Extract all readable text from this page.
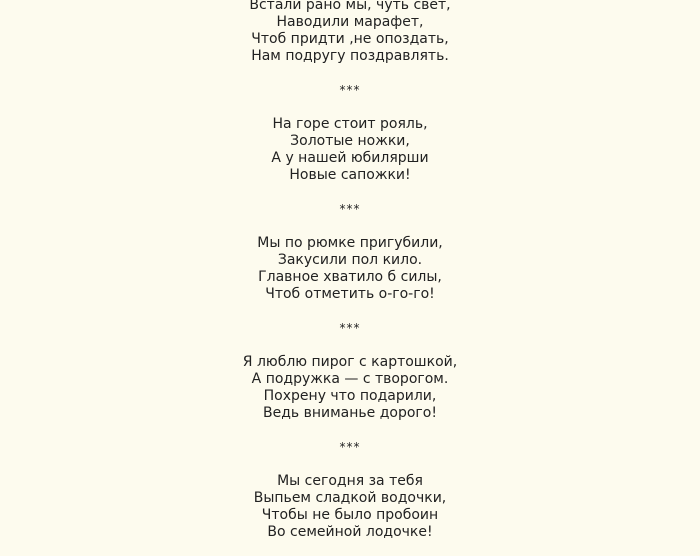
Встали рано мы, чуть свет,
Наводили марафет,
Чтоб придти ,не опоздать,
Нам подругу поздравлять.
***
На горе стоит рояль,
Золотые ножки,
А у нашей юбилярши
Новые сапожки!
***
Мы по рюмке пригубили,
Закусили пол кило.
Главное хватило б силы,
Чтоб отметить о-го-го!
***
Я люблю пирог с картошкой,
А подружка — с творогом.
Похрену что подарили,
Ведь вниманье дорого!
***
Мы сегодня за тебя
Выпьем сладкой водочки,
Чтобы не было пробоин
Во семейной лодочке!
